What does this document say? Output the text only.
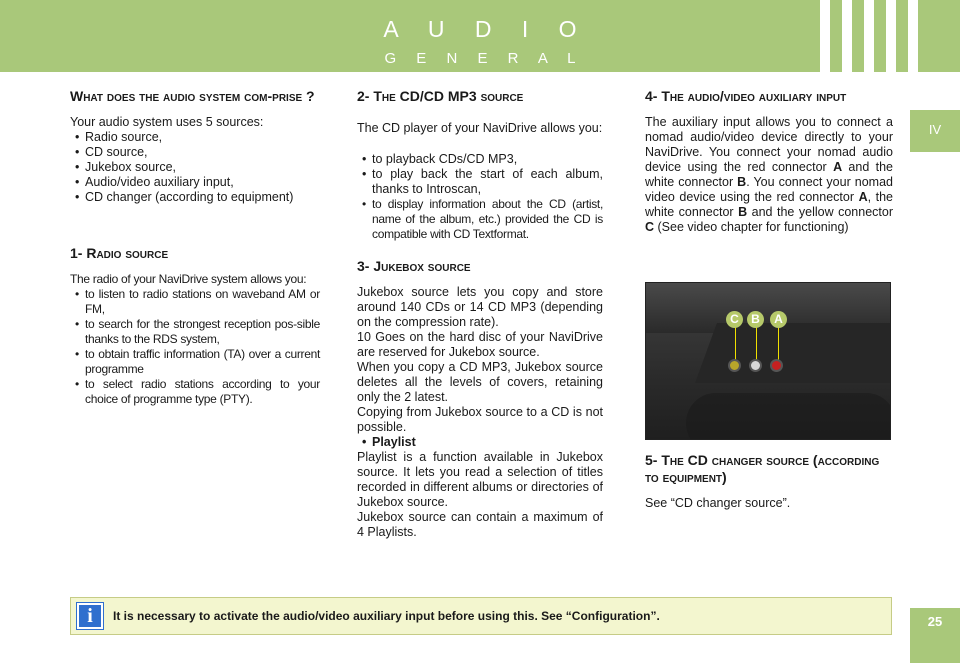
A U D I O
G E N E R A L
IV
25
What does the audio system com-prise ?

Your audio system uses 5 sources:

• Radio source,
• CD source,
• Jukebox source,
• Audio/video auxiliary input,
• CD changer (according to equipment)
1- Radio source

The radio of your NaviDrive system allows you:

• to listen to radio stations on waveband AM or FM,
• to search for the strongest reception pos-sible thanks to the RDS system,
• to obtain traffic information (TA) over a current programme
• to select radio stations according to your choice of programme type (PTY).
2- The CD/CD MP3 source

The CD player of your NaviDrive allows you:

• to playback CDs/CD MP3,
• to play back the start of each album, thanks to Introscan,
• to display information about the CD (artist, name of the album, etc.) provided the CD is compatible with CD Textformat.
3- Jukebox source

Jukebox source lets you copy and store around 140 CDs or 14 CD MP3 (depending on the compression rate).

10 Goes on the hard disc of your NaviDrive are reserved for Jukebox source.

When you copy a CD MP3, Jukebox source deletes all the levels of covers, retaining only the 2 latest.

Copying from Jukebox source to a CD is not possible.

• Playlist

Playlist is a function available in Jukebox source. It lets you read a selection of titles recorded in different albums or directories of Jukebox source.

Jukebox source can contain a maximum of 4 Playlists.

4- The audio/video auxiliary input

The auxiliary input allows you to connect a nomad audio/video device directly to your NaviDrive. You connect your nomad audio device using the red connector A and the white connector B. You connect your nomad video device using the red connector A, the white connector B and the yellow connector C (See video chapter for functioning)

C	B	A
5- The CD changer source (according to equipment)

See “CD changer source”.

i	It is necessary to activate the audio/video auxiliary input before using this. See “Configuration”.
